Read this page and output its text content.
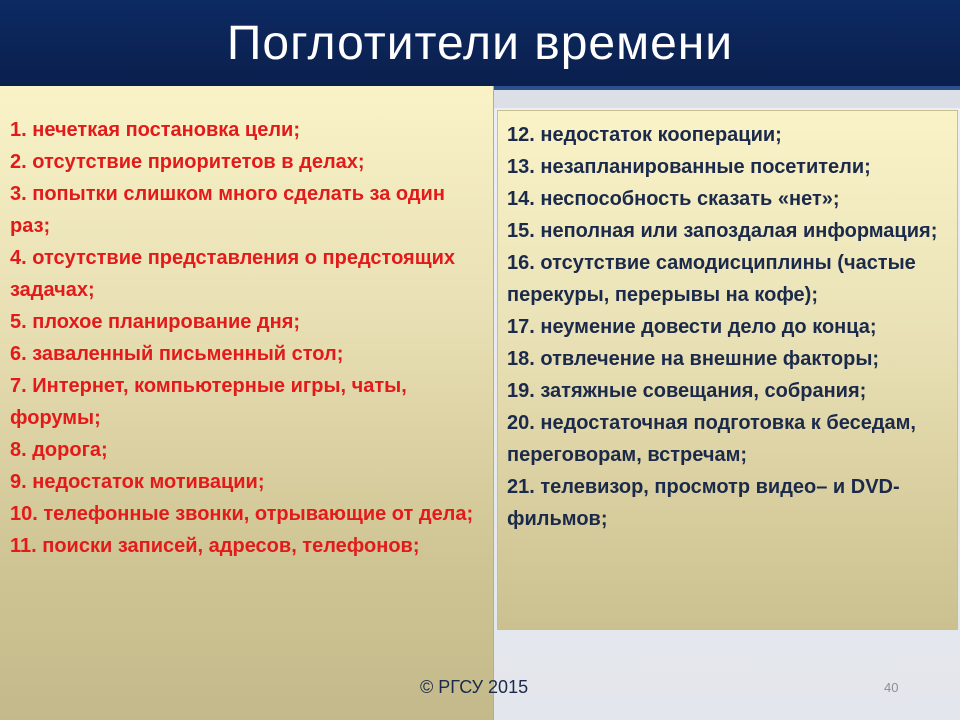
Поглотители времени
1. нечеткая постановка цели;
2. отсутствие приоритетов в делах;
3. попытки слишком много сделать за один раз;
4. отсутствие представления о предстоящих задачах;
5. плохое планирование дня;
6. заваленный письменный стол;
7. Интернет, компьютерные игры, чаты, форумы;
8. дорога;
9. недостаток мотивации;
10. телефонные звонки, отрывающие от дела;
11. поиски записей, адресов, телефонов;
12. недостаток кооперации;
13. незапланированные посетители;
14. неспособность сказать «нет»;
15. неполная или запоздалая информация;
16. отсутствие самодисциплины (частые перекуры, перерывы на кофе);
17. неумение довести дело до конца;
18. отвлечение на внешние факторы;
19. затяжные совещания, собрания;
20. недостаточная подготовка к беседам, переговорам, встречам;
21. телевизор, просмотр видео– и DVD-фильмов;
© РГСУ 2015	40
